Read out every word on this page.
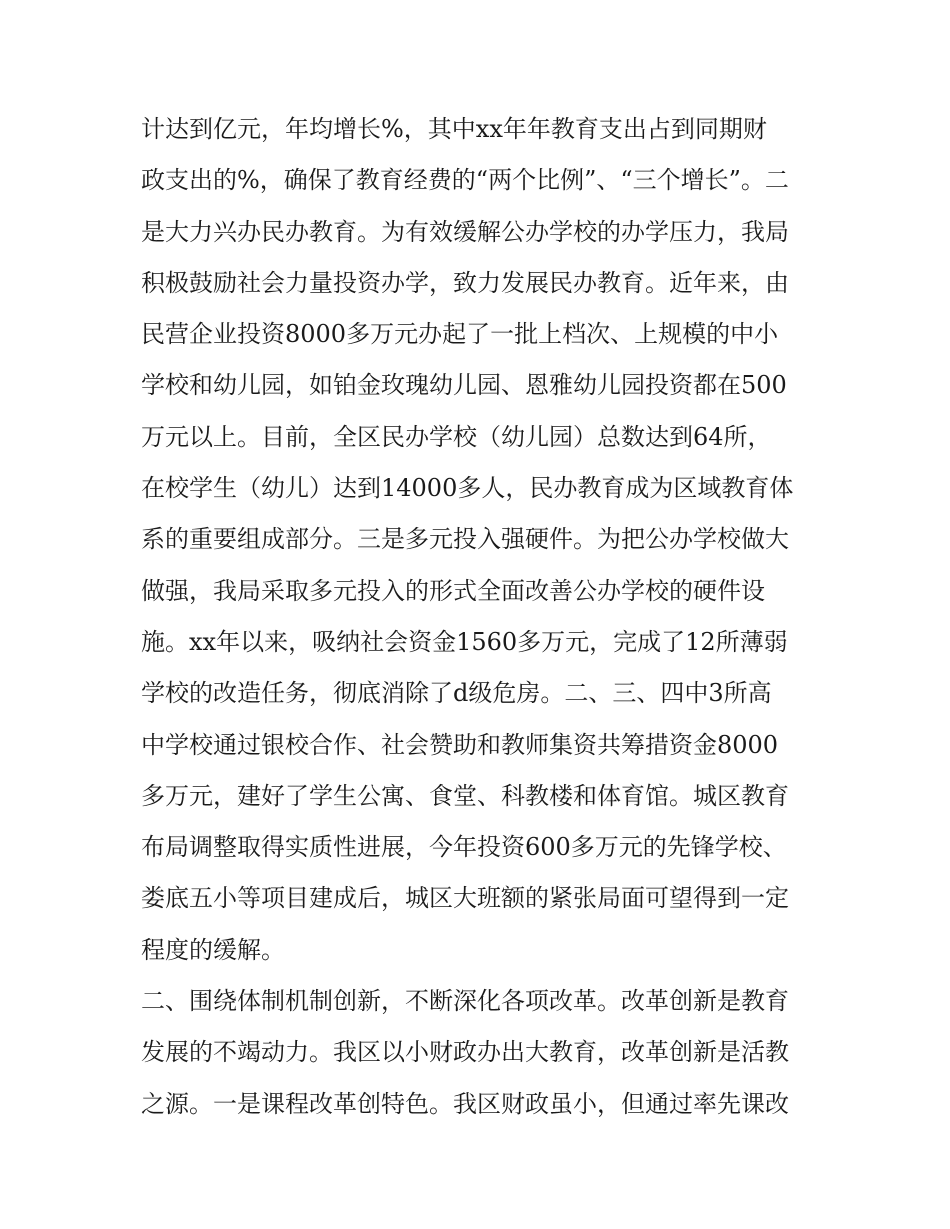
计达到亿元，年均增长%，其中xx年年教育支出占到同期财
政支出的%，确保了教育经费的“两个比例”、“三个增长”。二
是大力兴办民办教育。为有效缓解公办学校的办学压力，我局
积极鼓励社会力量投资办学，致力发展民办教育。近年来，由
民营企业投资8000多万元办起了一批上档次、上规模的中小
学校和幼儿园，如铂金玫瑰幼儿园、恩雅幼儿园投资都在500
万元以上。目前，全区民办学校（幼儿园）总数达到64所，
在校学生（幼儿）达到14000多人，民办教育成为区域教育体
系的重要组成部分。三是多元投入强硬件。为把公办学校做大
做强，我局采取多元投入的形式全面改善公办学校的硬件设
施。xx年以来，吸纳社会资金1560多万元，完成了12所薄弱
学校的改造任务，彻底消除了d级危房。二、三、四中3所高
中学校通过银校合作、社会赞助和教师集资共筹措资金8000
多万元，建好了学生公寓、食堂、科教楼和体育馆。城区教育
布局调整取得实质性进展，今年投资600多万元的先锋学校、
娄底五小等项目建成后，城区大班额的紧张局面可望得到一定
程度的缓解。
二、围绕体制机制创新，不断深化各项改革。改革创新是教育
发展的不竭动力。我区以小财政办出大教育，改革创新是活教
之源。一是课程改革创特色。我区财政虽小，但通过率先课改
